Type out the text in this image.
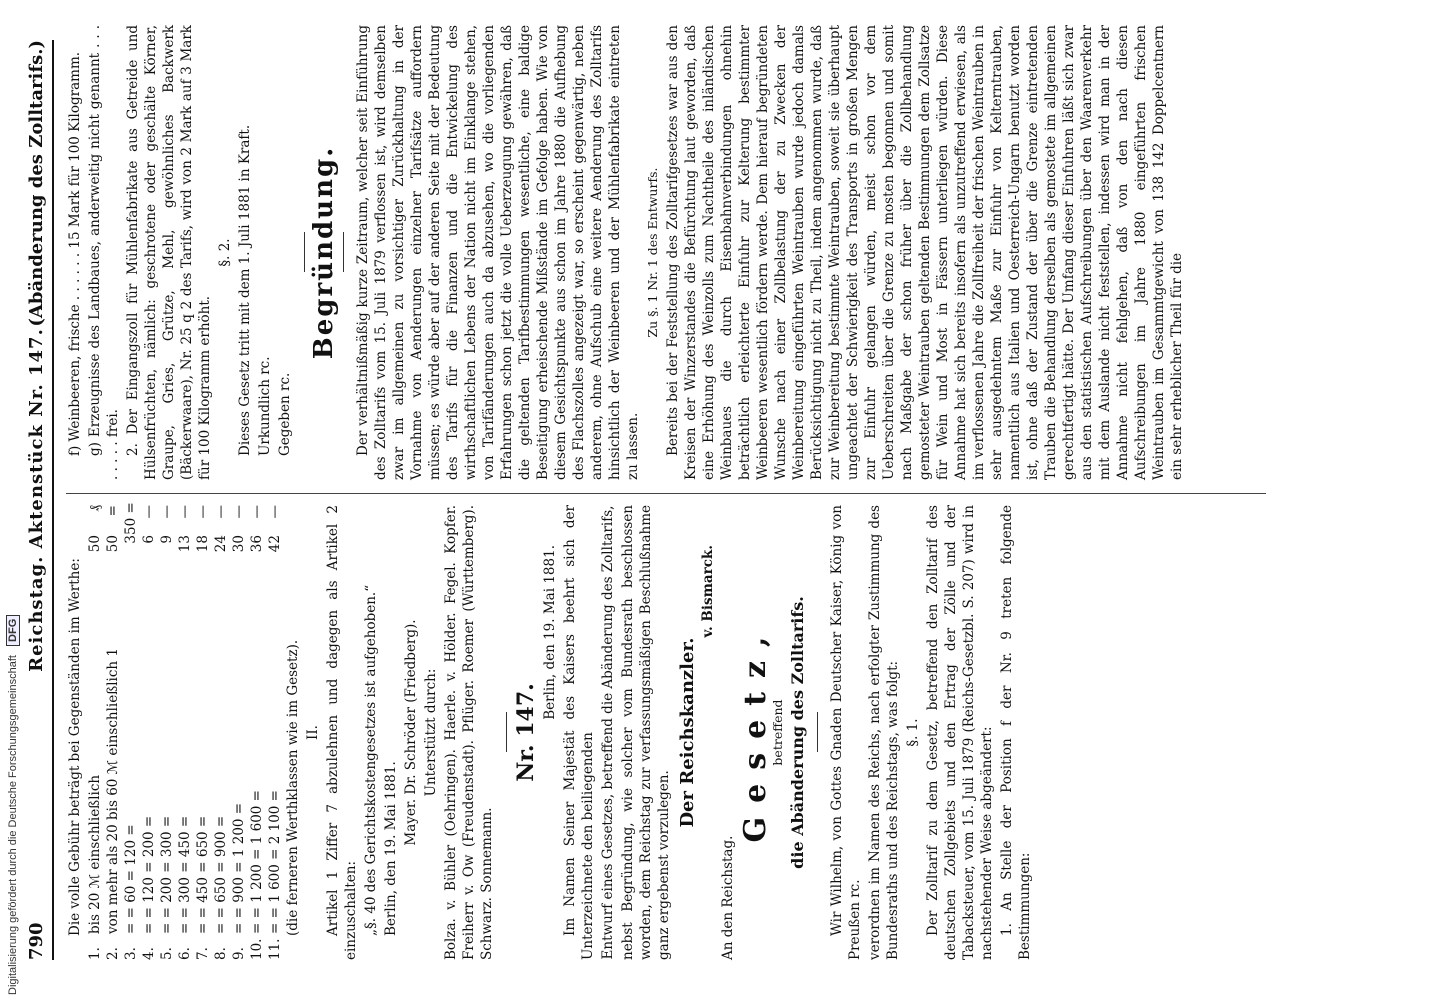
790
Reichstag. Aktenstück Nr. 147.
(Abänderung des Zolltarifs.)

Die volle Gebühr beträgt bei Gegenständen im Werthe:

1.
bis 20 ℳ einschließlich
50
₰
2.
von mehr als 20 bis 60 ℳ einschließlich 1
50
=
3.
= = 60 = 120 =
3
50 =
4.
= = 120 = 200 =
6
—
5.
= = 200 = 300 =
9
—
6.
= = 300 = 450 =
13
—
7.
= = 450 = 650 =
18
—
8.
= = 650 = 900 =
24
—
9.
= = 900 = 1 200 =
30
—
10.
= = 1 200 = 1 600 =
36
—
11.
= = 1 600 = 2 100 =
42
—

(die ferneren Werthklassen wie im Gesetz). II. Artikel 1 Ziffer 7 abzulehnen und dagegen als Artikel 2 einzuschalten: „§. 40 des Gerichtskostengesetzes ist aufgehoben.“ Berlin, den 19. Mai 1881.

Mayer. Dr. Schröder (Friedberg). Unterstützt durch: Bolza. v. Bühler (Oehringen). Haerle. v. Hölder. Fegel. Kopfer. Freiherr v. Ow (Freudenstadt). Pflüger. Roemer (Württemberg). Schwarz. Sonnemann.

Nr. 147.

Berlin, den 19. Mai 1881. Im Namen Seiner Majestät des Kaisers beehrt sich der Unterzeichnete den beiliegenden Entwurf eines Gesetzes, betreffend die Abänderung des Zolltarifs, nebst Begründung, wie solcher vom Bundesrath beschlossen worden, dem Reichstag zur verfassungsmäßigen Beschlußnahme ganz ergebenst vorzulegen.

Der Reichskanzler.

v. Bismarck.

An den Reichstag.

Gesetz,

betreffend die Abänderung des Zolltarifs. Wir Wilhelm, von Gottes Gnaden Deutscher Kaiser, König von Preußen rc. verordnen im Namen des Reichs, nach erfolgter Zustimmung des Bundesraths und des Reichstags, was folgt: §. 1. Der Zolltarif zu dem Gesetz, betreffend den Zolltarif des deutschen Zollgebiets und den Ertrag der Zölle und der Tabacksteuer, vom 15. Juli 1879 (Reichs-Gesetzbl. S. 207) wird in nachstehender Weise abgeändert: 1. An Stelle der Position f der Nr. 9 treten folgende Bestimmungen:

f) Weinbeeren, frische . . . . . . 15 Mark für 100 Kilogramm. g) Erzeugnisse des Landbaues, anderweitig nicht genannt . . . . . . . . frei. 2. Der Eingangszoll für Mühlenfabrikate aus Getreide und Hülsenfrüchten, nämlich: geschrotene oder geschälte Körner, Graupe, Gries, Grütze, Mehl, gewöhnliches Backwerk (Bäckerwaare), Nr. 25 q 2 des Tarifs, wird von 2 Mark auf 3 Mark für 100 Kilogramm erhöht.

§. 2. Dieses Gesetz tritt mit dem 1. Juli 1881 in Kraft. Urkundlich rc. Gegeben rc.

Begründung. Der verhältnißmäßig kurze Zeitraum, welcher seit Einführung des Zolltarifs vom 15. Juli 1879 verflossen ist, wird demselben zwar im allgemeinen zu vorsichtiger Zurückhaltung in der Vornahme von Aenderungen einzelner Tarifsätze auffordern müssen; es würde aber auf der anderen Seite mit der Bedeutung des Tarifs für die Finanzen und die Entwickelung des wirthschaftlichen Lebens der Nation nicht im Einklange stehen, von Tarifänderungen auch da abzusehen, wo die vorliegenden Erfahrungen schon jetzt die volle Ueberzeugung gewähren, daß die geltenden Tarifbestimmungen wesentliche, eine baldige Beseitigung erheischende Mißstände im Gefolge haben. Wie von diesem Gesichtspunkte aus schon im Jahre 1880 die Aufhebung des Flachszolles angezeigt war, so erscheint gegenwärtig, neben anderem, ohne Aufschub eine weitere Aenderung des Zolltarifs hinsichtlich der Weinbeeren und der Mühlenfabrikate eintreten zu lassen.

Zu §. 1 Nr. 1 des Entwurfs. Bereits bei der Feststellung des Zolltarifgesetzes war aus den Kreisen der Winzerstandes die Befürchtung laut geworden, daß eine Erhöhung des Weinzolls zum Nachtheile des inländischen Weinbaues die durch Eisenbahnverbindungen ohnehin beträchtlich erleichterte Einfuhr zur Kelterung bestimmter Weinbeeren wesentlich fördern werde. Dem hierauf begründeten Wunsche nach einer Zollbelastung der zu Zwecken der Weinbereitung eingeführten Weintrauben wurde jedoch damals Berücksichtigung nicht zu Theil, indem angenommen wurde, daß zur Weinbereitung bestimmte Weintrauben, soweit sie überhaupt ungeachtet der Schwierigkeit des Transports in großen Mengen zur Einfuhr gelangen würden, meist schon vor dem Ueberschreiten über die Grenze zu mosten begonnen und somit nach Maßgabe der schon früher über die Zollbehandlung gemosteter Weintrauben geltenden Bestimmungen dem Zollsatze für Wein und Most in Fässern unterliegen würden. Diese Annahme hat sich bereits insofern als unzutreffend erwiesen, als im verflossenen Jahre die Zollfreiheit der frischen Weintrauben in sehr ausgedehntem Maße zur Einfuhr von Kelterntrauben, namentlich aus Italien und Oesterreich-Ungarn benutzt worden ist, ohne daß der Zustand der über die Grenze eintretenden Trauben die Behandlung derselben als gemostete im allgemeinen gerechtfertigt hätte. Der Umfang dieser Einfuhren läßt sich zwar aus den statistischen Aufschreibungen über den Waarenverkehr mit dem Auslande nicht feststellen, indessen wird man in der Annahme nicht fehlgehen, daß von den nach diesen Aufschreibungen im Jahre 1880 eingeführten frischen Weintrauben im Gesammtgewicht von 138 142 Doppelcentnern ein sehr erheblicher Theil für die

Digitalisierung gefördert durch die Deutsche Forschungsgemeinschaft DFG
